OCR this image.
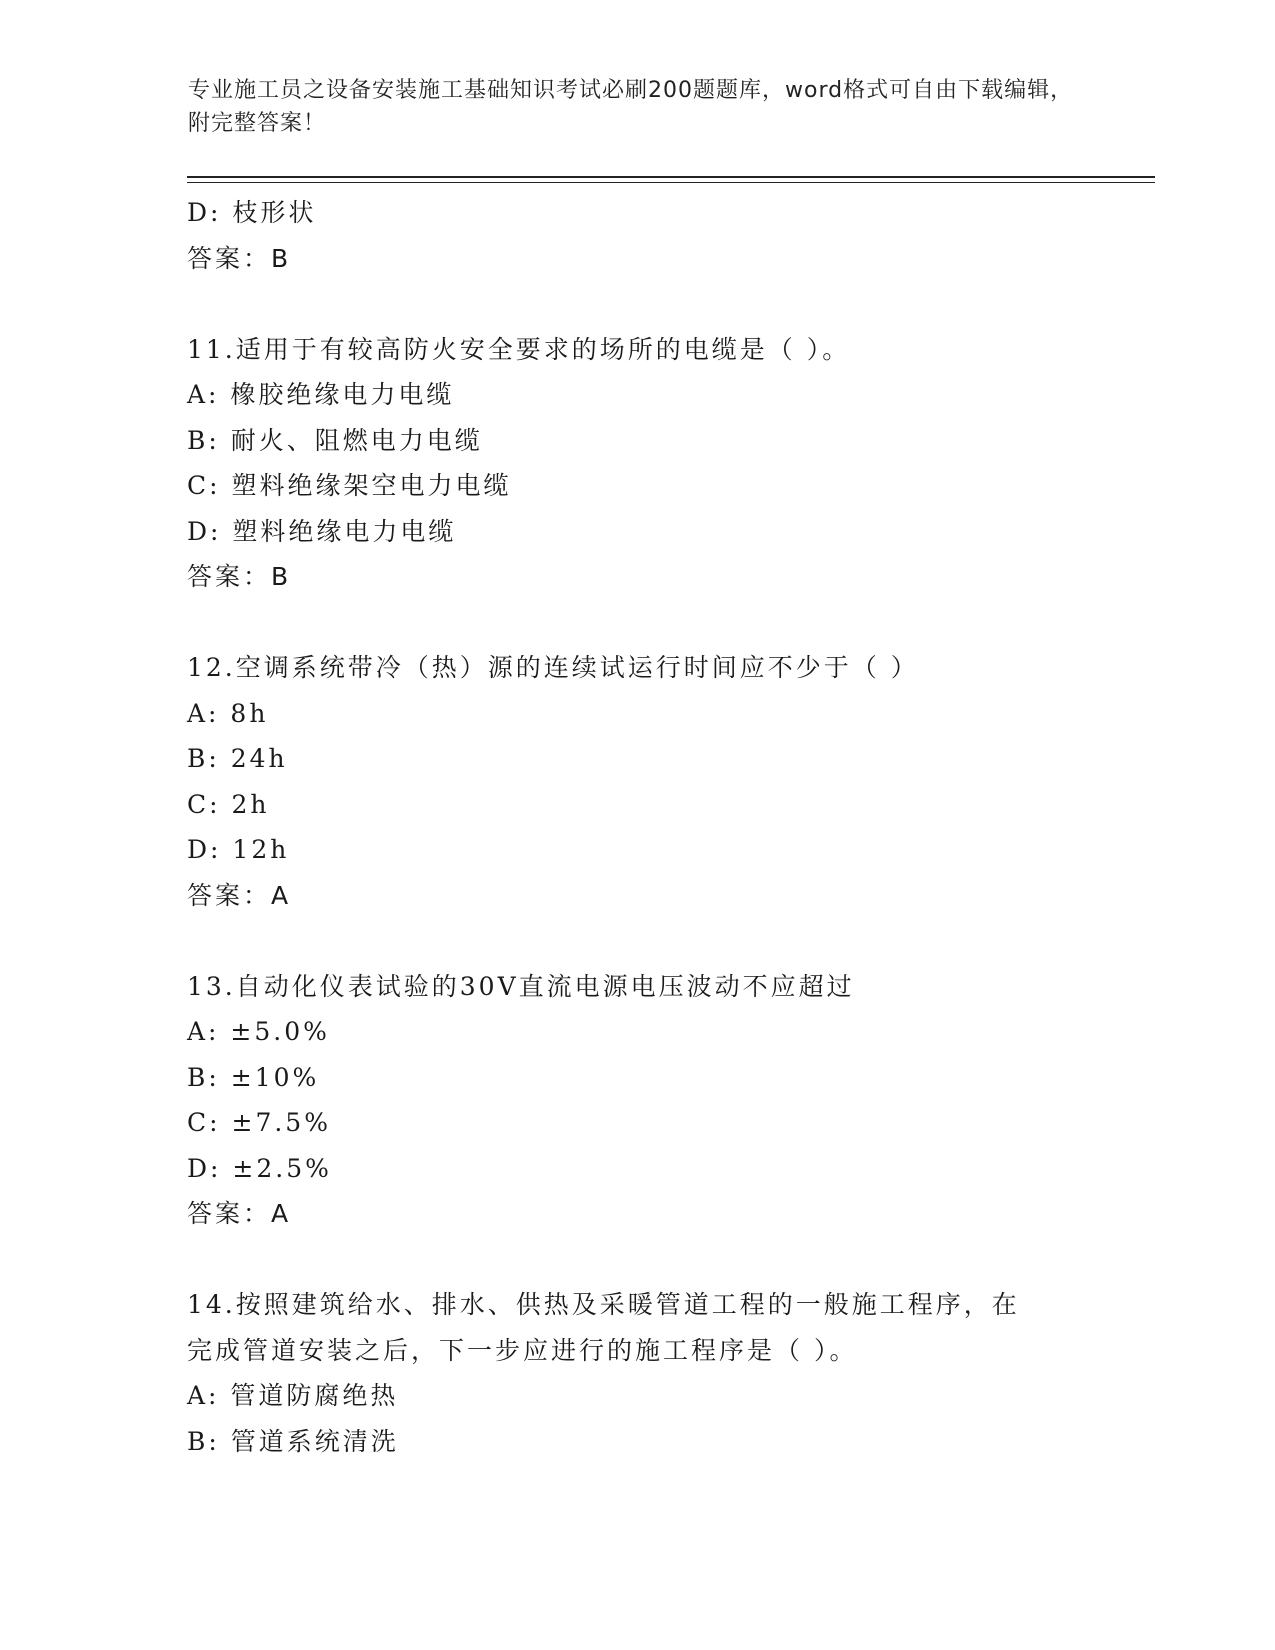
专业施工员之设备安装施工基础知识考试必刷200题题库，word格式可自由下载编辑，附完整答案！
D: 枝形状
答案：B
11.适用于有较高防火安全要求的场所的电缆是（ ）。
A: 橡胶绝缘电力电缆
B: 耐火、阻燃电力电缆
C: 塑料绝缘架空电力电缆
D: 塑料绝缘电力电缆
答案：B
12.空调系统带冷（热）源的连续试运行时间应不少于（ ）
A: 8h
B: 24h
C: 2h
D: 12h
答案：A
13.自动化仪表试验的30V直流电源电压波动不应超过
A: ±5.0%
B: ±10%
C: ±7.5%
D: ±2.5%
答案：A
14.按照建筑给水、排水、供热及采暖管道工程的一般施工程序，在完成管道安装之后，下一步应进行的施工程序是（ ）。
A: 管道防腐绝热
B: 管道系统清洗
